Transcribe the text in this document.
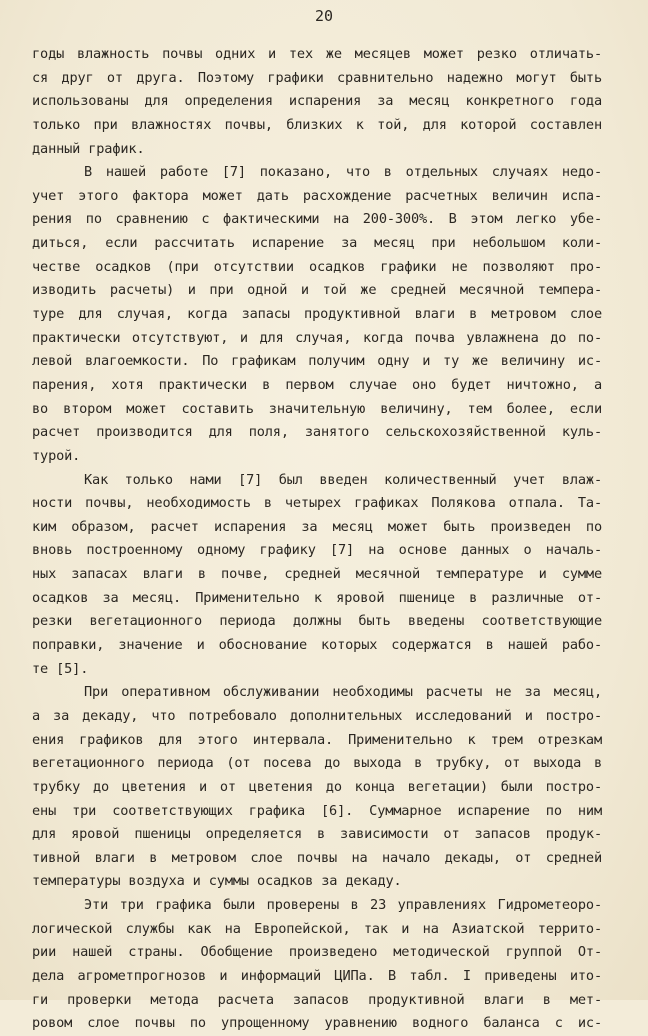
20
годы влажность почвы одних и тех же месяцев может резко отличать-
ся друг от друга. Поэтому графики сравнительно надежно могут быть
использованы для определения испарения за месяц конкретного года
только при влажностях почвы, близких к той, для которой составлен
данный график.
В нашей работе [7] показано, что в отдельных случаях недо-
учет этого фактора может дать расхождение расчетных величин испа-
рения по сравнению с фактическими на 200-300%. В этом легко убе-
диться, если рассчитать испарение за месяц при небольшом коли-
честве осадков (при отсутствии осадков графики не позволяют про-
изводить расчеты) и при одной и той же средней месячной темпера-
туре для случая, когда запасы продуктивной влаги в метровом слое
практически отсутствуют, и для случая, когда почва увлажнена до по-
левой влагоемкости. По графикам получим одну и ту же величину ис-
парения, хотя практически в первом случае оно будет ничтожно, а
во втором может составить значительную величину, тем более, если
расчет производится для поля, занятого сельскохозяйственной куль-
турой.
Как только нами [7] был введен количественный учет влаж-
ности почвы, необходимость в четырех графиках Полякова отпала. Та-
ким образом, расчет испарения за месяц может быть произведен по
вновь построенному одному графику [7] на основе данных о началь-
ных запасах влаги в почве, средней месячной температуре и сумме
осадков за месяц. Применительно к яровой пшенице в различные от-
резки вегетационного периода должны быть введены соответствующие
поправки, значение и обоснование которых содержатся в нашей рабо-
те [5].
При оперативном обслуживании необходимы расчеты не за месяц,
а за декаду, что потребовало дополнительных исследований и постро-
ения графиков для этого интервала. Применительно к трем отрезкам
вегетационного периода (от посева до выхода в трубку, от выхода в
трубку до цветения и от цветения до конца вегетации) были постро-
ены три соответствующих графика [6]. Суммарное испарение по ним
для яровой пшеницы определяется в зависимости от запасов продук-
тивной влаги в метровом слое почвы на начало декады, от средней
температуры воздуха и суммы осадков за декаду.
Эти три графика были проверены в 23 управлениях Гидрометеоро-
логической службы как на Европейской, так и на Азиатской террито-
рии нашей страны. Обобщение произведено методической группой От-
дела агрометпрогнозов и информаций ЦИПа. В табл. I приведены ито-
ги проверки метода расчета запасов продуктивной влаги в мет-
ровом слое почвы по упрощенному уравнению водного баланса с ис-
